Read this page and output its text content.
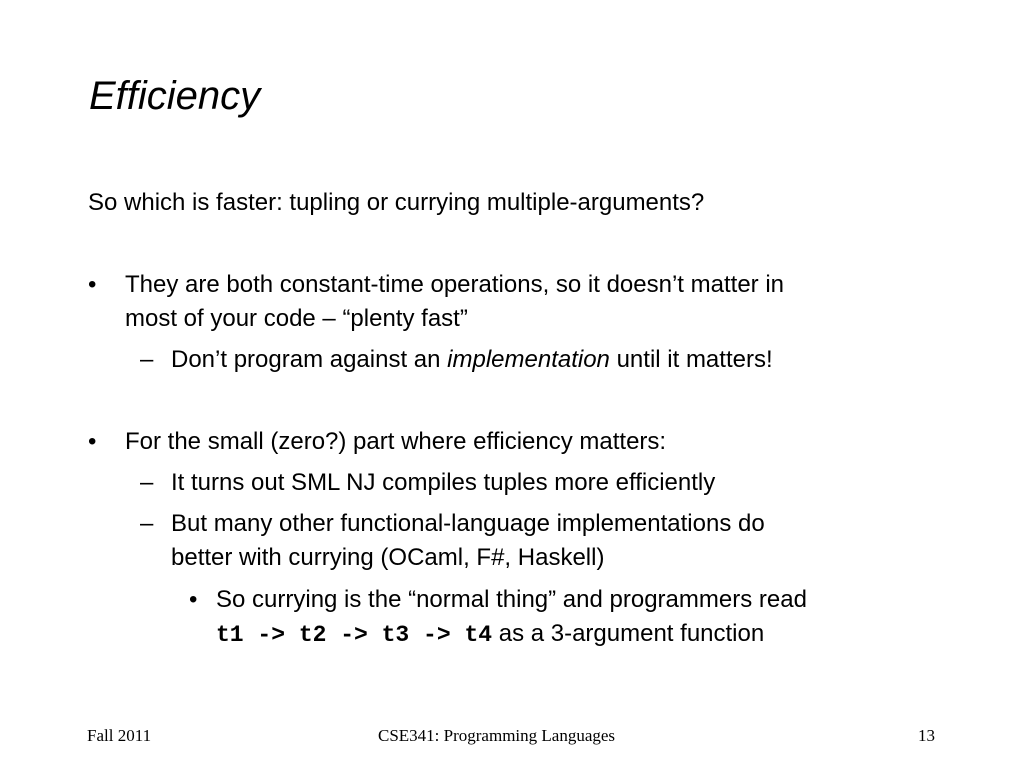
Efficiency
So which is faster: tupling or currying multiple-arguments?
• They are both constant-time operations, so it doesn’t matter in
most of your code – “plenty fast”
– Don’t program against an implementation until it matters!
• For the small (zero?) part where efficiency matters:
– It turns out SML NJ compiles tuples more efficiently
– But many other functional-language implementations do
better with currying (OCaml, F#, Haskell)
• So currying is the “normal thing” and programmers read
t1 -> t2 -> t3 -> t4 as a 3-argument function
Fall 2011	CSE341: Programming Languages	13
